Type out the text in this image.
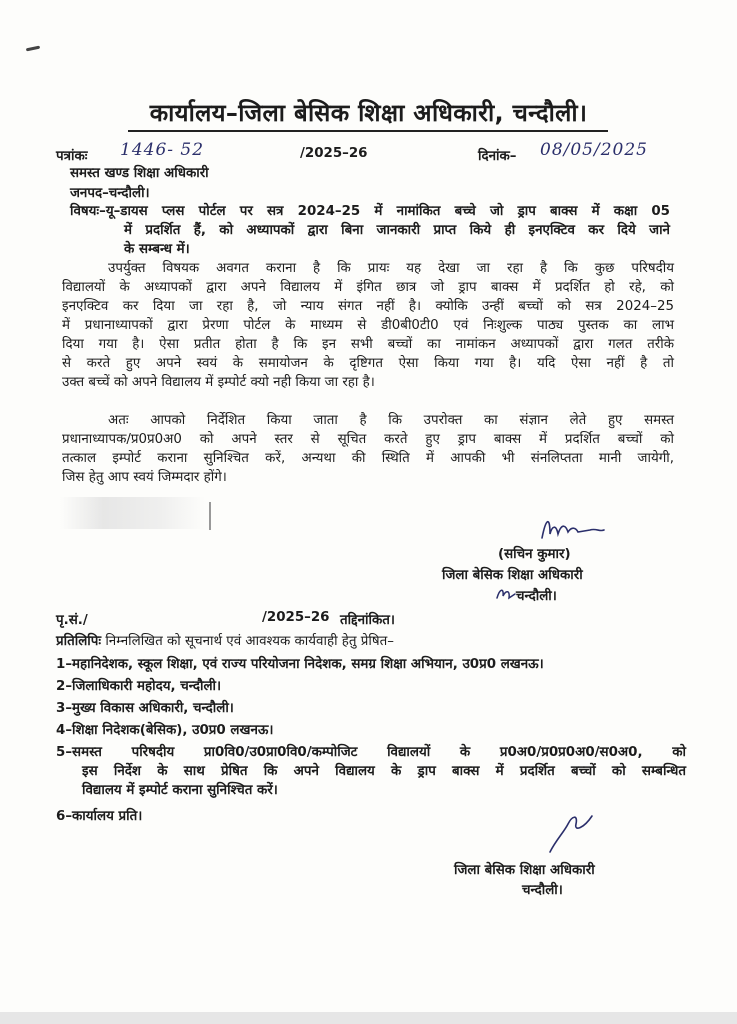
कार्यालय–जिला बेसिक शिक्षा अधिकारी, चन्दौली।
पत्रांकः 1446- 52	/2025–26	दिनांक– 08/05/2025
समस्त खण्ड शिक्षा अधिकारी
जनपद–चन्दौली।
विषयः–यू–डायस प्लस पोर्टल पर सत्र 2024–25 में नामांकित बच्चे जो ड्राप बाक्स में कक्षा 05
में प्रदर्शित हैं, को अध्यापकों द्वारा बिना जानकारी प्राप्त किये ही इनएक्टिव कर दिये जाने
के सम्बन्ध में।
उपर्युक्त विषयक अवगत कराना है कि प्रायः यह देखा जा रहा है कि कुछ परिषदीय
विद्यालयों के अध्यापकों द्वारा अपने विद्यालय में इंगित छात्र जो ड्राप बाक्स में प्रदर्शित हो रहे, को
इनएक्टिव कर दिया जा रहा है, जो न्याय संगत नहीं है। क्योकि उन्हीं बच्चों को सत्र 2024–25
में प्रधानाध्यापकों द्वारा प्रेरणा पोर्टल के माध्यम से डी0बी0टी0 एवं निःशुल्क पाठ्य पुस्तक का लाभ
दिया गया है। ऐसा प्रतीत होता है कि इन सभी बच्चों का नामांकन अध्यापकों द्वारा गलत तरीके
से करते हुए अपने स्वयं के समायोजन के दृष्टिगत ऐसा किया गया है। यदि ऐसा नहीं है तो
उक्त बच्चें को अपने विद्यालय में इम्पोर्ट क्यो नही किया जा रहा है।
अतः आपको निर्देशित किया जाता है कि उपरोक्त का संज्ञान लेते हुए समस्त
प्रधानाध्यापक/प्र0प्र0अ0 को अपने स्तर से सूचित करते हुए ड्राप बाक्स में प्रदर्शित बच्चों को
तत्काल इम्पोर्ट कराना सुनिश्चित करें, अन्यथा की स्थिति में आपकी भी संनलिप्तता मानी जायेगी,
जिस हेतु आप स्वयं जिम्मदार होंगे।
(सचिन कुमार)
जिला बेसिक शिक्षा अधिकारी
चन्दौली।
पृ.सं./	/2025–26 तद्दिनांकित।
प्रतिलिपिः निम्नलिखित को सूचनार्थ एवं आवश्यक कार्यवाही हेतु प्रेषित–
1–महानिदेशक, स्कूल शिक्षा, एवं राज्य परियोजना निदेशक, समग्र शिक्षा अभियान, उ0प्र0 लखनऊ।
2–जिलाधिकारी महोदय, चन्दौली।
3–मुख्य विकास अधिकारी, चन्दौली।
4–शिक्षा निदेशक(बेसिक), उ0प्र0 लखनऊ।
5–समस्त परिषदीय प्रा0वि0/उ0प्रा0वि0/कम्पोजिट विद्यालयों के प्र0अ0/प्र0प्र0अ0/स0अ0, को
इस निर्देश के साथ प्रेषित कि अपने विद्यालय के ड्राप बाक्स में प्रदर्शित बच्चों को सम्बन्धित
विद्यालय में इम्पोर्ट कराना सुनिश्चित करें।
6–कार्यालय प्रति।
जिला बेसिक शिक्षा अधिकारी
चन्दौली।
